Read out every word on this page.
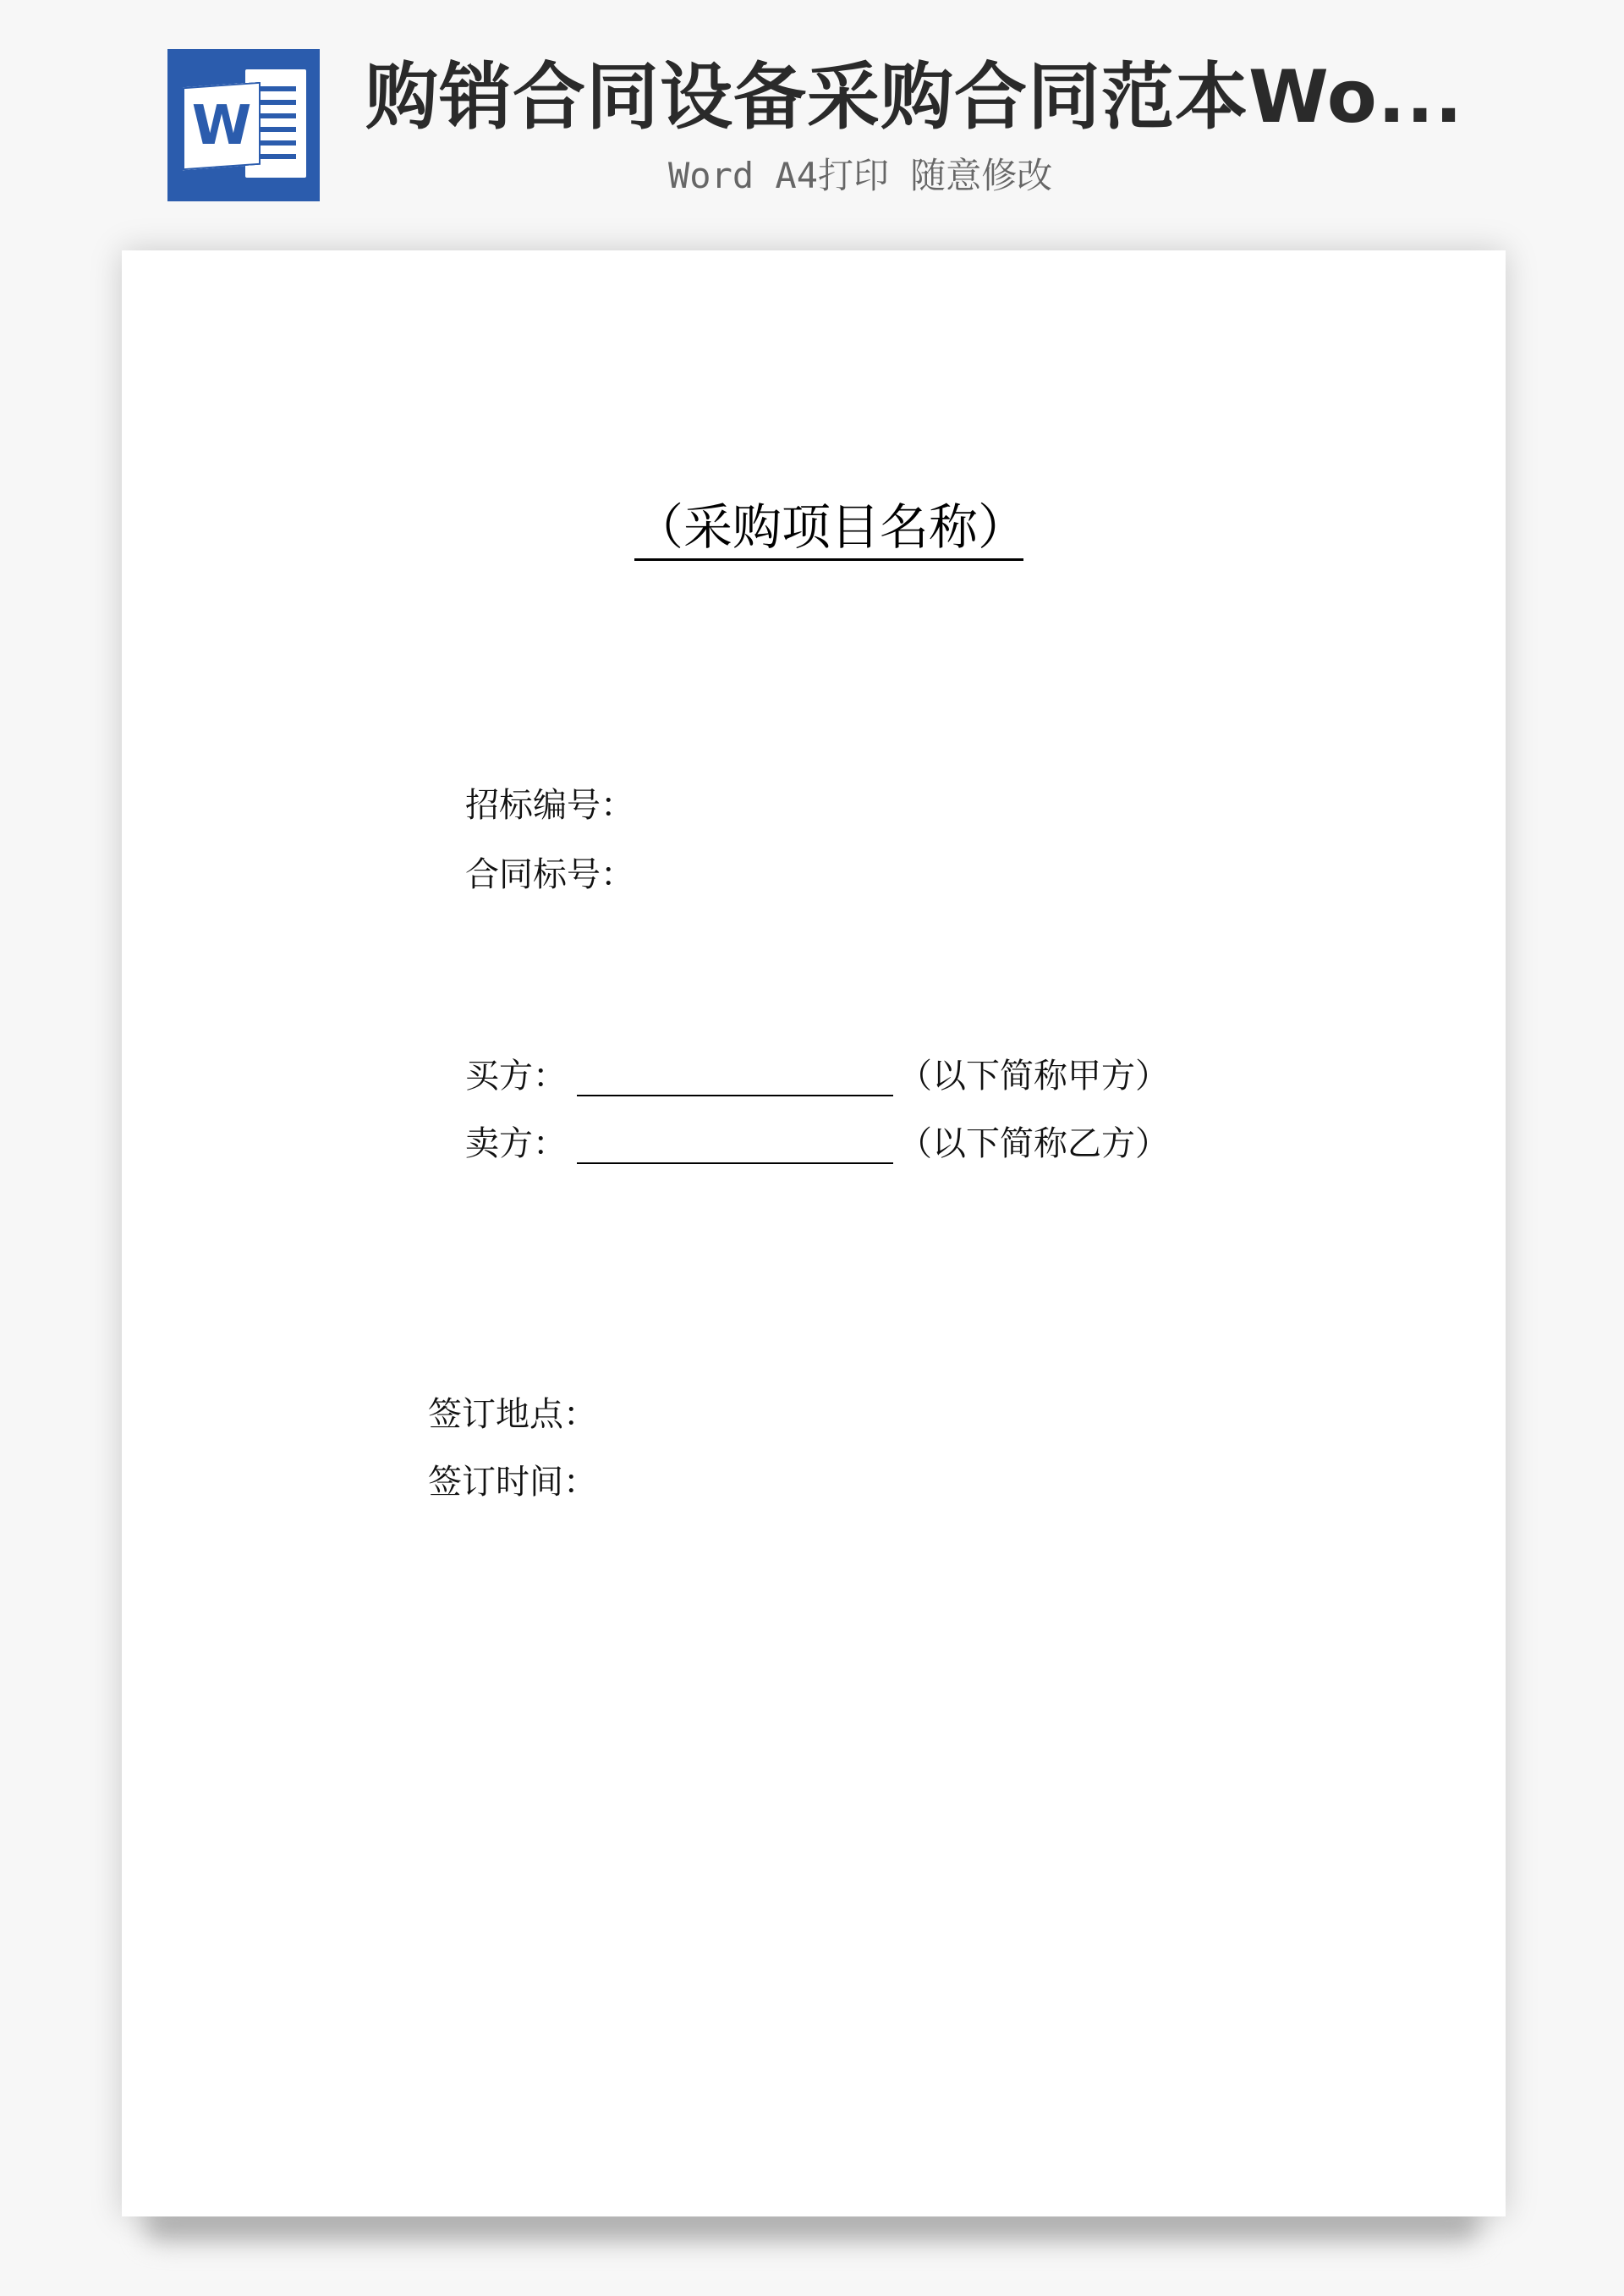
W 购销合同设备采购合同范本Wo...
Word A4打印 随意修改
（采购项目名称）
招标编号：
合同标号：
买方：	（以下简称甲方）
卖方：	（以下简称乙方）
签订地点：
签订时间：
